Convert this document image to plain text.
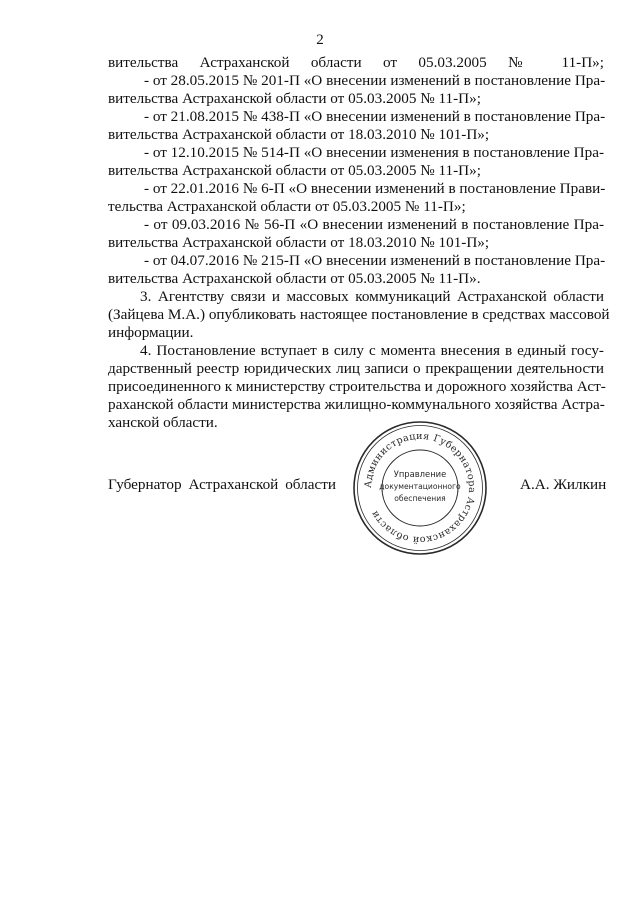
2
вительства Астраханской области от 05.03.2005 № 11-П»;
- от 28.05.2015 № 201-П «О внесении изменений в постановление Пра-
вительства Астраханской области от 05.03.2005 № 11-П»;
- от 21.08.2015 № 438-П «О внесении изменений в постановление Пра-
вительства Астраханской области от 18.03.2010 № 101-П»;
- от 12.10.2015 № 514-П «О внесении изменения в постановление Пра-
вительства Астраханской области от 05.03.2005 № 11-П»;
- от 22.01.2016 № 6-П «О внесении изменений в постановление Прави-
тельства Астраханской области от 05.03.2005 № 11-П»;
- от 09.03.2016 № 56-П «О внесении изменений в постановление Пра-
вительства Астраханской области от 18.03.2010 № 101-П»;
- от 04.07.2016 № 215-П «О внесении изменений в постановление Пра-
вительства Астраханской области от 05.03.2005 № 11-П».
3. Агентству связи и массовых коммуникаций Астраханской области
(Зайцева М.А.) опубликовать настоящее постановление в средствах массовой
информации.
4. Постановление вступает в силу с момента внесения в единый госу-
дарственный реестр юридических лиц записи о прекращении деятельности
присоединенного к министерству строительства и дорожного хозяйства Аст-
раханской области министерства жилищно-коммунального хозяйства Астра-
ханской области.
Губернатор Астраханской области	Администрация Губернатора Астраханской области
Управление
документационного
обеспечения
А.А. Жилкин
